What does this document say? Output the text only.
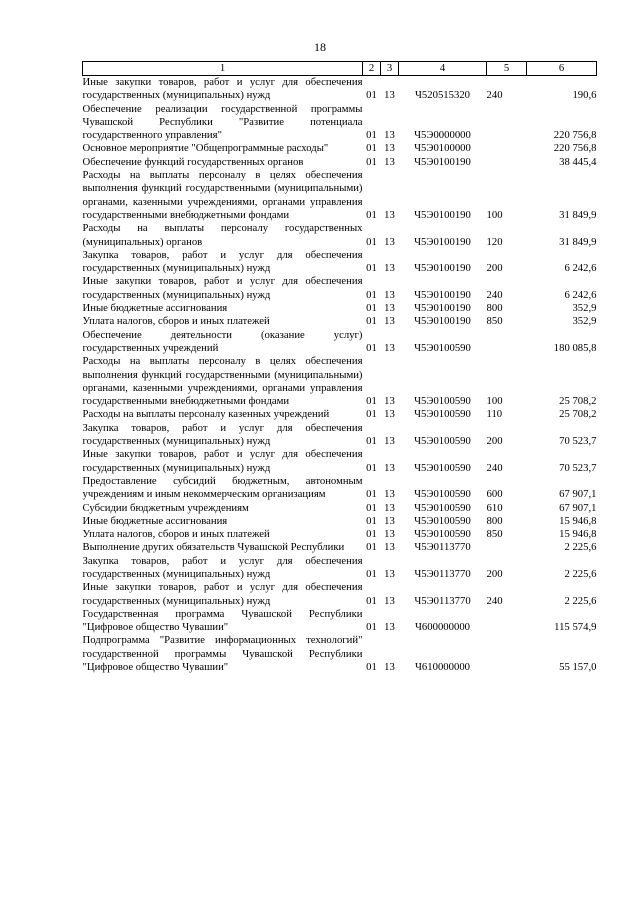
18
1	2	3	4	5	6
Иные закупки товаров, работ и услуг для обеспечения государственных (муниципальных) нужд	01	13	Ч520515320	240	190,6
Обеспечение реализации государственной программы Чувашской Республики "Развитие потенциала государственного управления"	01	13	Ч5Э0000000		220 756,8
Основное мероприятие "Общепрограммные расходы"	01	13	Ч5Э0100000		220 756,8
Обеспечение функций государственных органов	01	13	Ч5Э0100190		38 445,4
Расходы на выплаты персоналу в целях обеспечения выполнения функций государственными (муниципальными) органами, казенными учреждениями, органами управления государственными внебюджетными фондами	01	13	Ч5Э0100190	100	31 849,9
Расходы на выплаты персоналу государственных (муниципальных) органов	01	13	Ч5Э0100190	120	31 849,9
Закупка товаров, работ и услуг для обеспечения государственных (муниципальных) нужд	01	13	Ч5Э0100190	200	6 242,6
Иные закупки товаров, работ и услуг для обеспечения государственных (муниципальных) нужд	01	13	Ч5Э0100190	240	6 242,6
Иные бюджетные ассигнования	01	13	Ч5Э0100190	800	352,9
Уплата налогов, сборов и иных платежей	01	13	Ч5Э0100190	850	352,9
Обеспечение деятельности (оказание услуг) государственных учреждений	01	13	Ч5Э0100590		180 085,8
Расходы на выплаты персоналу в целях обеспечения выполнения функций государственными (муниципальными) органами, казенными учреждениями, органами управления государственными внебюджетными фондами	01	13	Ч5Э0100590	100	25 708,2
Расходы на выплаты персоналу казенных учреждений	01	13	Ч5Э0100590	110	25 708,2
Закупка товаров, работ и услуг для обеспечения государственных (муниципальных) нужд	01	13	Ч5Э0100590	200	70 523,7
Иные закупки товаров, работ и услуг для обеспечения государственных (муниципальных) нужд	01	13	Ч5Э0100590	240	70 523,7
Предоставление субсидий бюджетным, автономным учреждениям и иным некоммерческим организациям	01	13	Ч5Э0100590	600	67 907,1
Субсидии бюджетным учреждениям	01	13	Ч5Э0100590	610	67 907,1
Иные бюджетные ассигнования	01	13	Ч5Э0100590	800	15 946,8
Уплата налогов, сборов и иных платежей	01	13	Ч5Э0100590	850	15 946,8
Выполнение других обязательств Чувашской Республики	01	13	Ч5Э0113770		2 225,6
Закупка товаров, работ и услуг для обеспечения государственных (муниципальных) нужд	01	13	Ч5Э0113770	200	2 225,6
Иные закупки товаров, работ и услуг для обеспечения государственных (муниципальных) нужд	01	13	Ч5Э0113770	240	2 225,6
Государственная программа Чувашской Республики "Цифровое общество Чувашии"	01	13	Ч600000000		115 574,9
Подпрограмма "Развитие информационных технологий" государственной программы Чувашской Республики "Цифровое общество Чувашии"	01	13	Ч610000000		55 157,0
